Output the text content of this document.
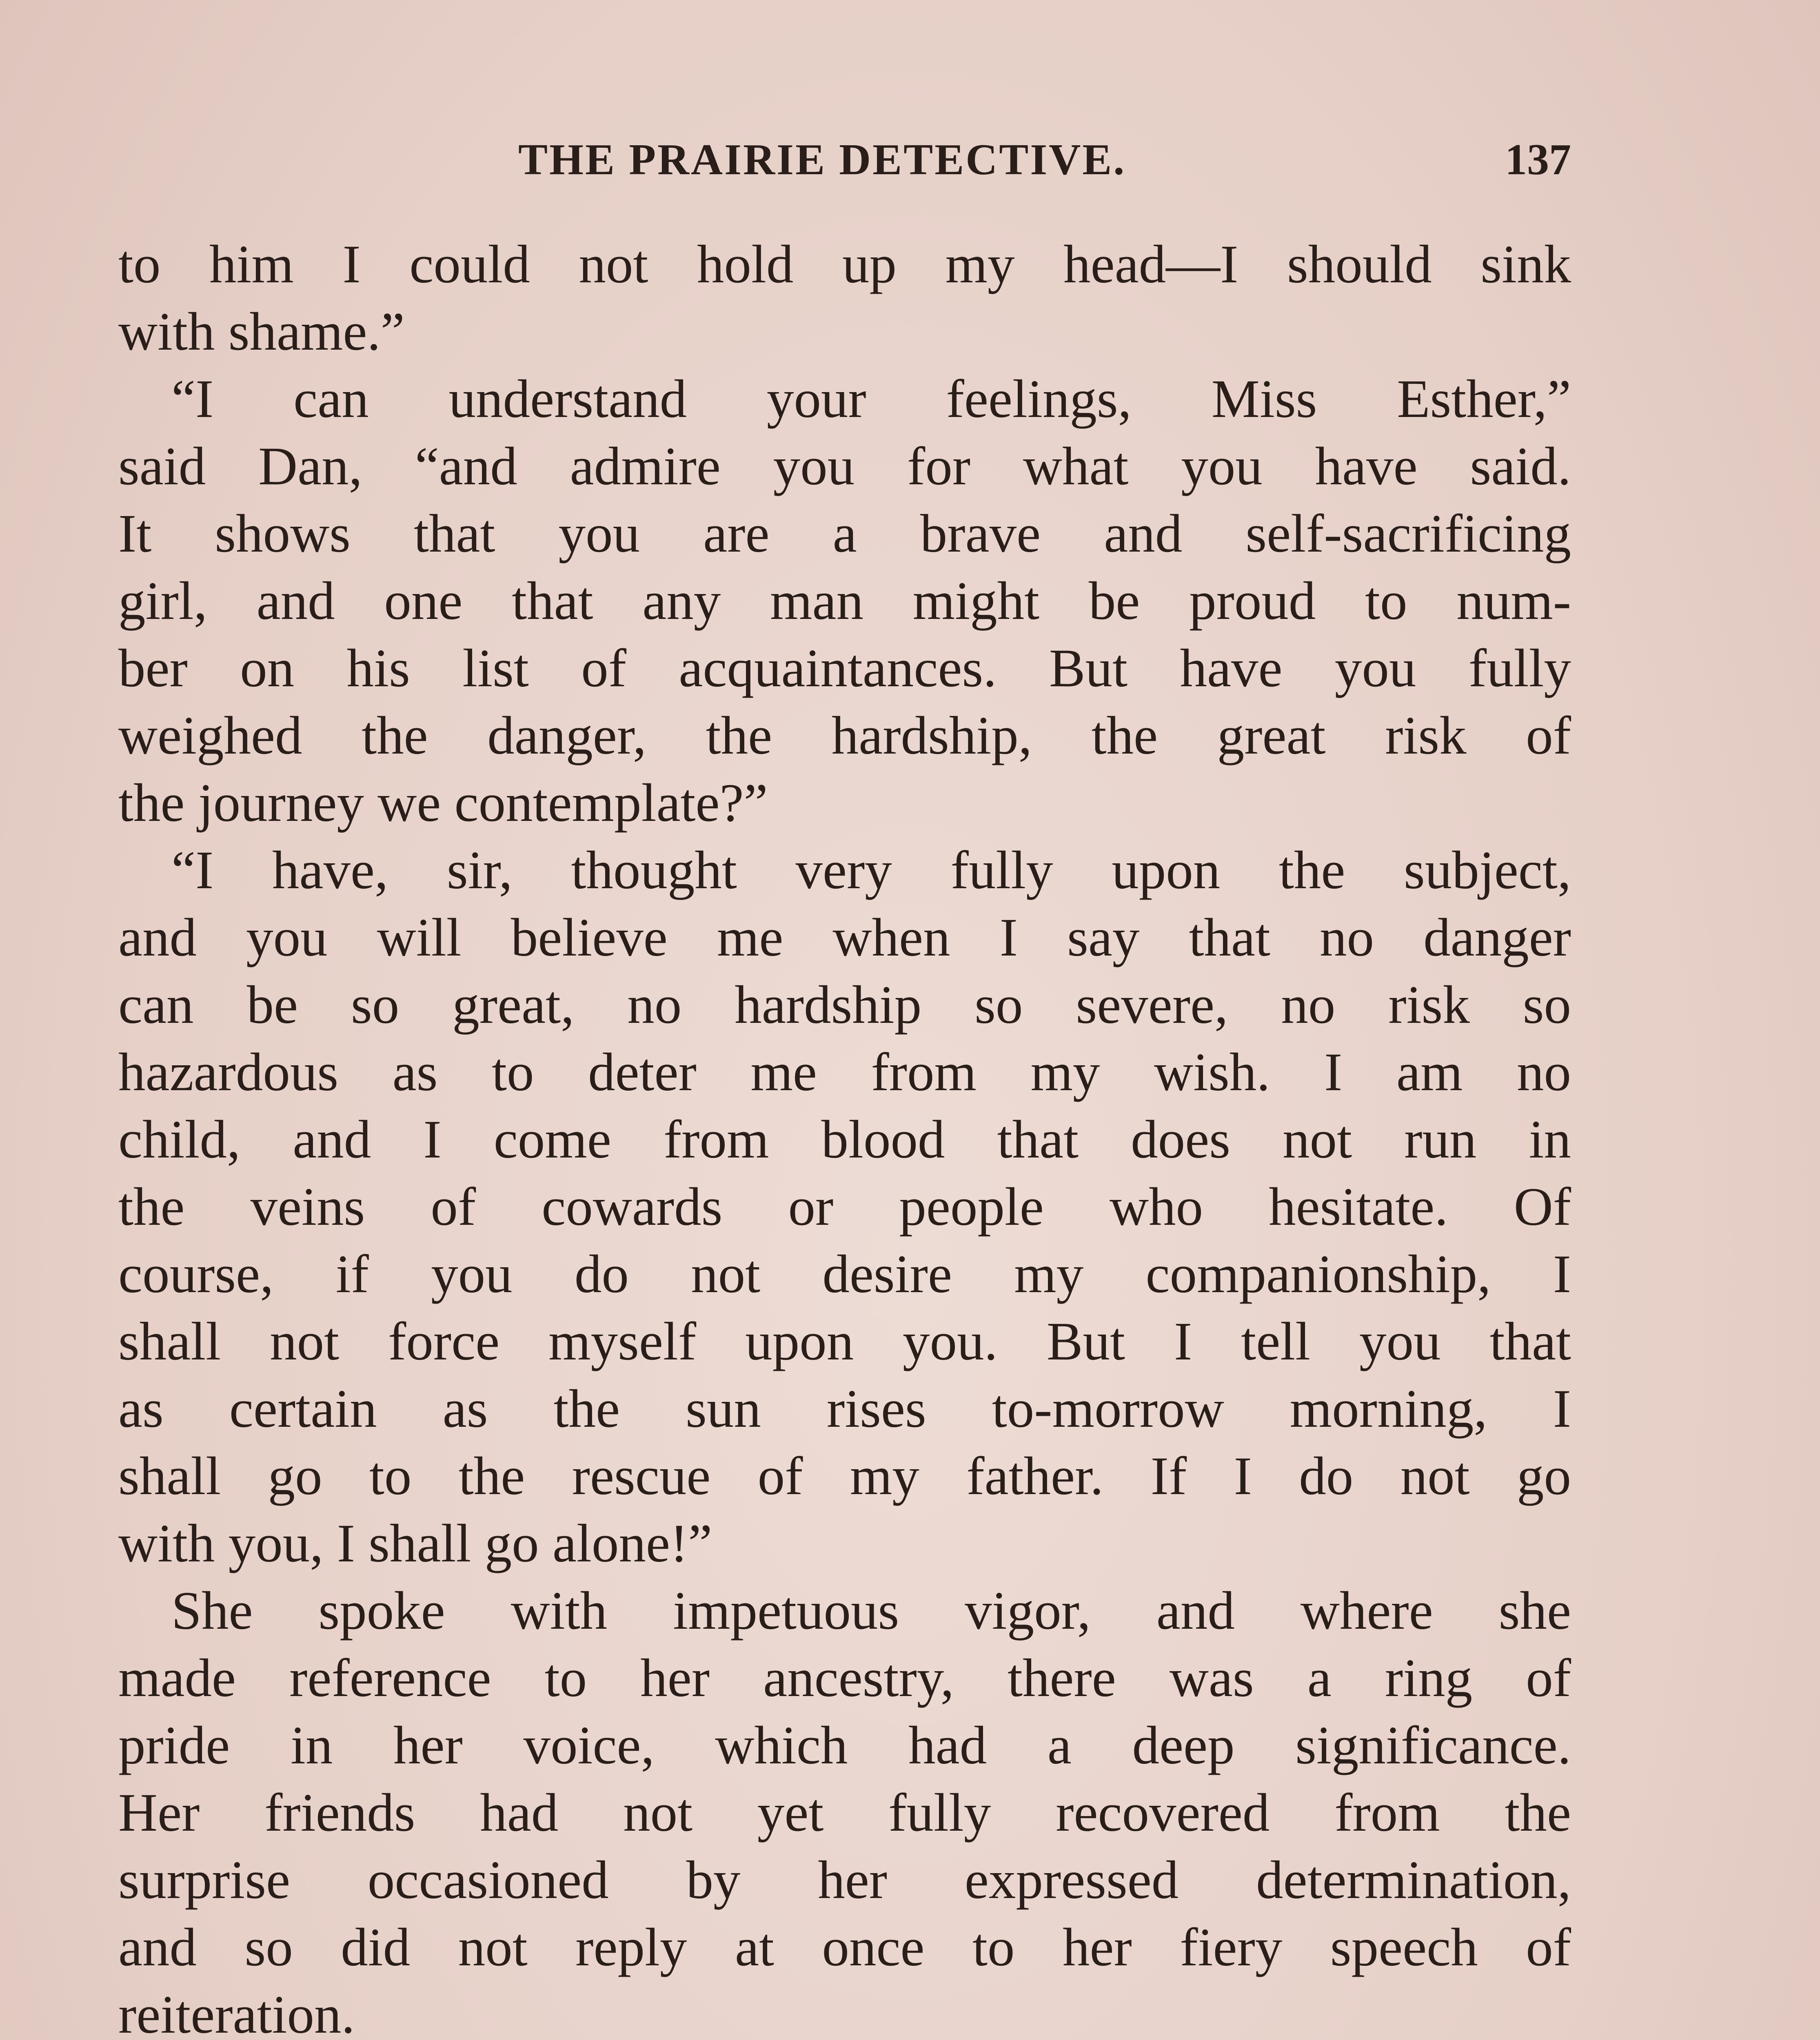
THE PRAIRIE DETECTIVE.	137
to him I could not hold up my head—I should sink
with shame.”
“I can understand your feelings, Miss Esther,”
said Dan, “and admire you for what you have said.
It shows that you are a brave and self-sacrificing
girl, and one that any man might be proud to num-
ber on his list of acquaintances. But have you fully
weighed the danger, the hardship, the great risk of
the journey we contemplate?”
“I have, sir, thought very fully upon the subject,
and you will believe me when I say that no danger
can be so great, no hardship so severe, no risk so
hazardous as to deter me from my wish. I am no
child, and I come from blood that does not run in
the veins of cowards or people who hesitate. Of
course, if you do not desire my companionship, I
shall not force myself upon you. But I tell you that
as certain as the sun rises to-morrow morning, I
shall go to the rescue of my father. If I do not go
with you, I shall go alone!”
She spoke with impetuous vigor, and where she
made reference to her ancestry, there was a ring of
pride in her voice, which had a deep significance.
Her friends had not yet fully recovered from the
surprise occasioned by her expressed determination,
and so did not reply at once to her fiery speech of
reiteration.
